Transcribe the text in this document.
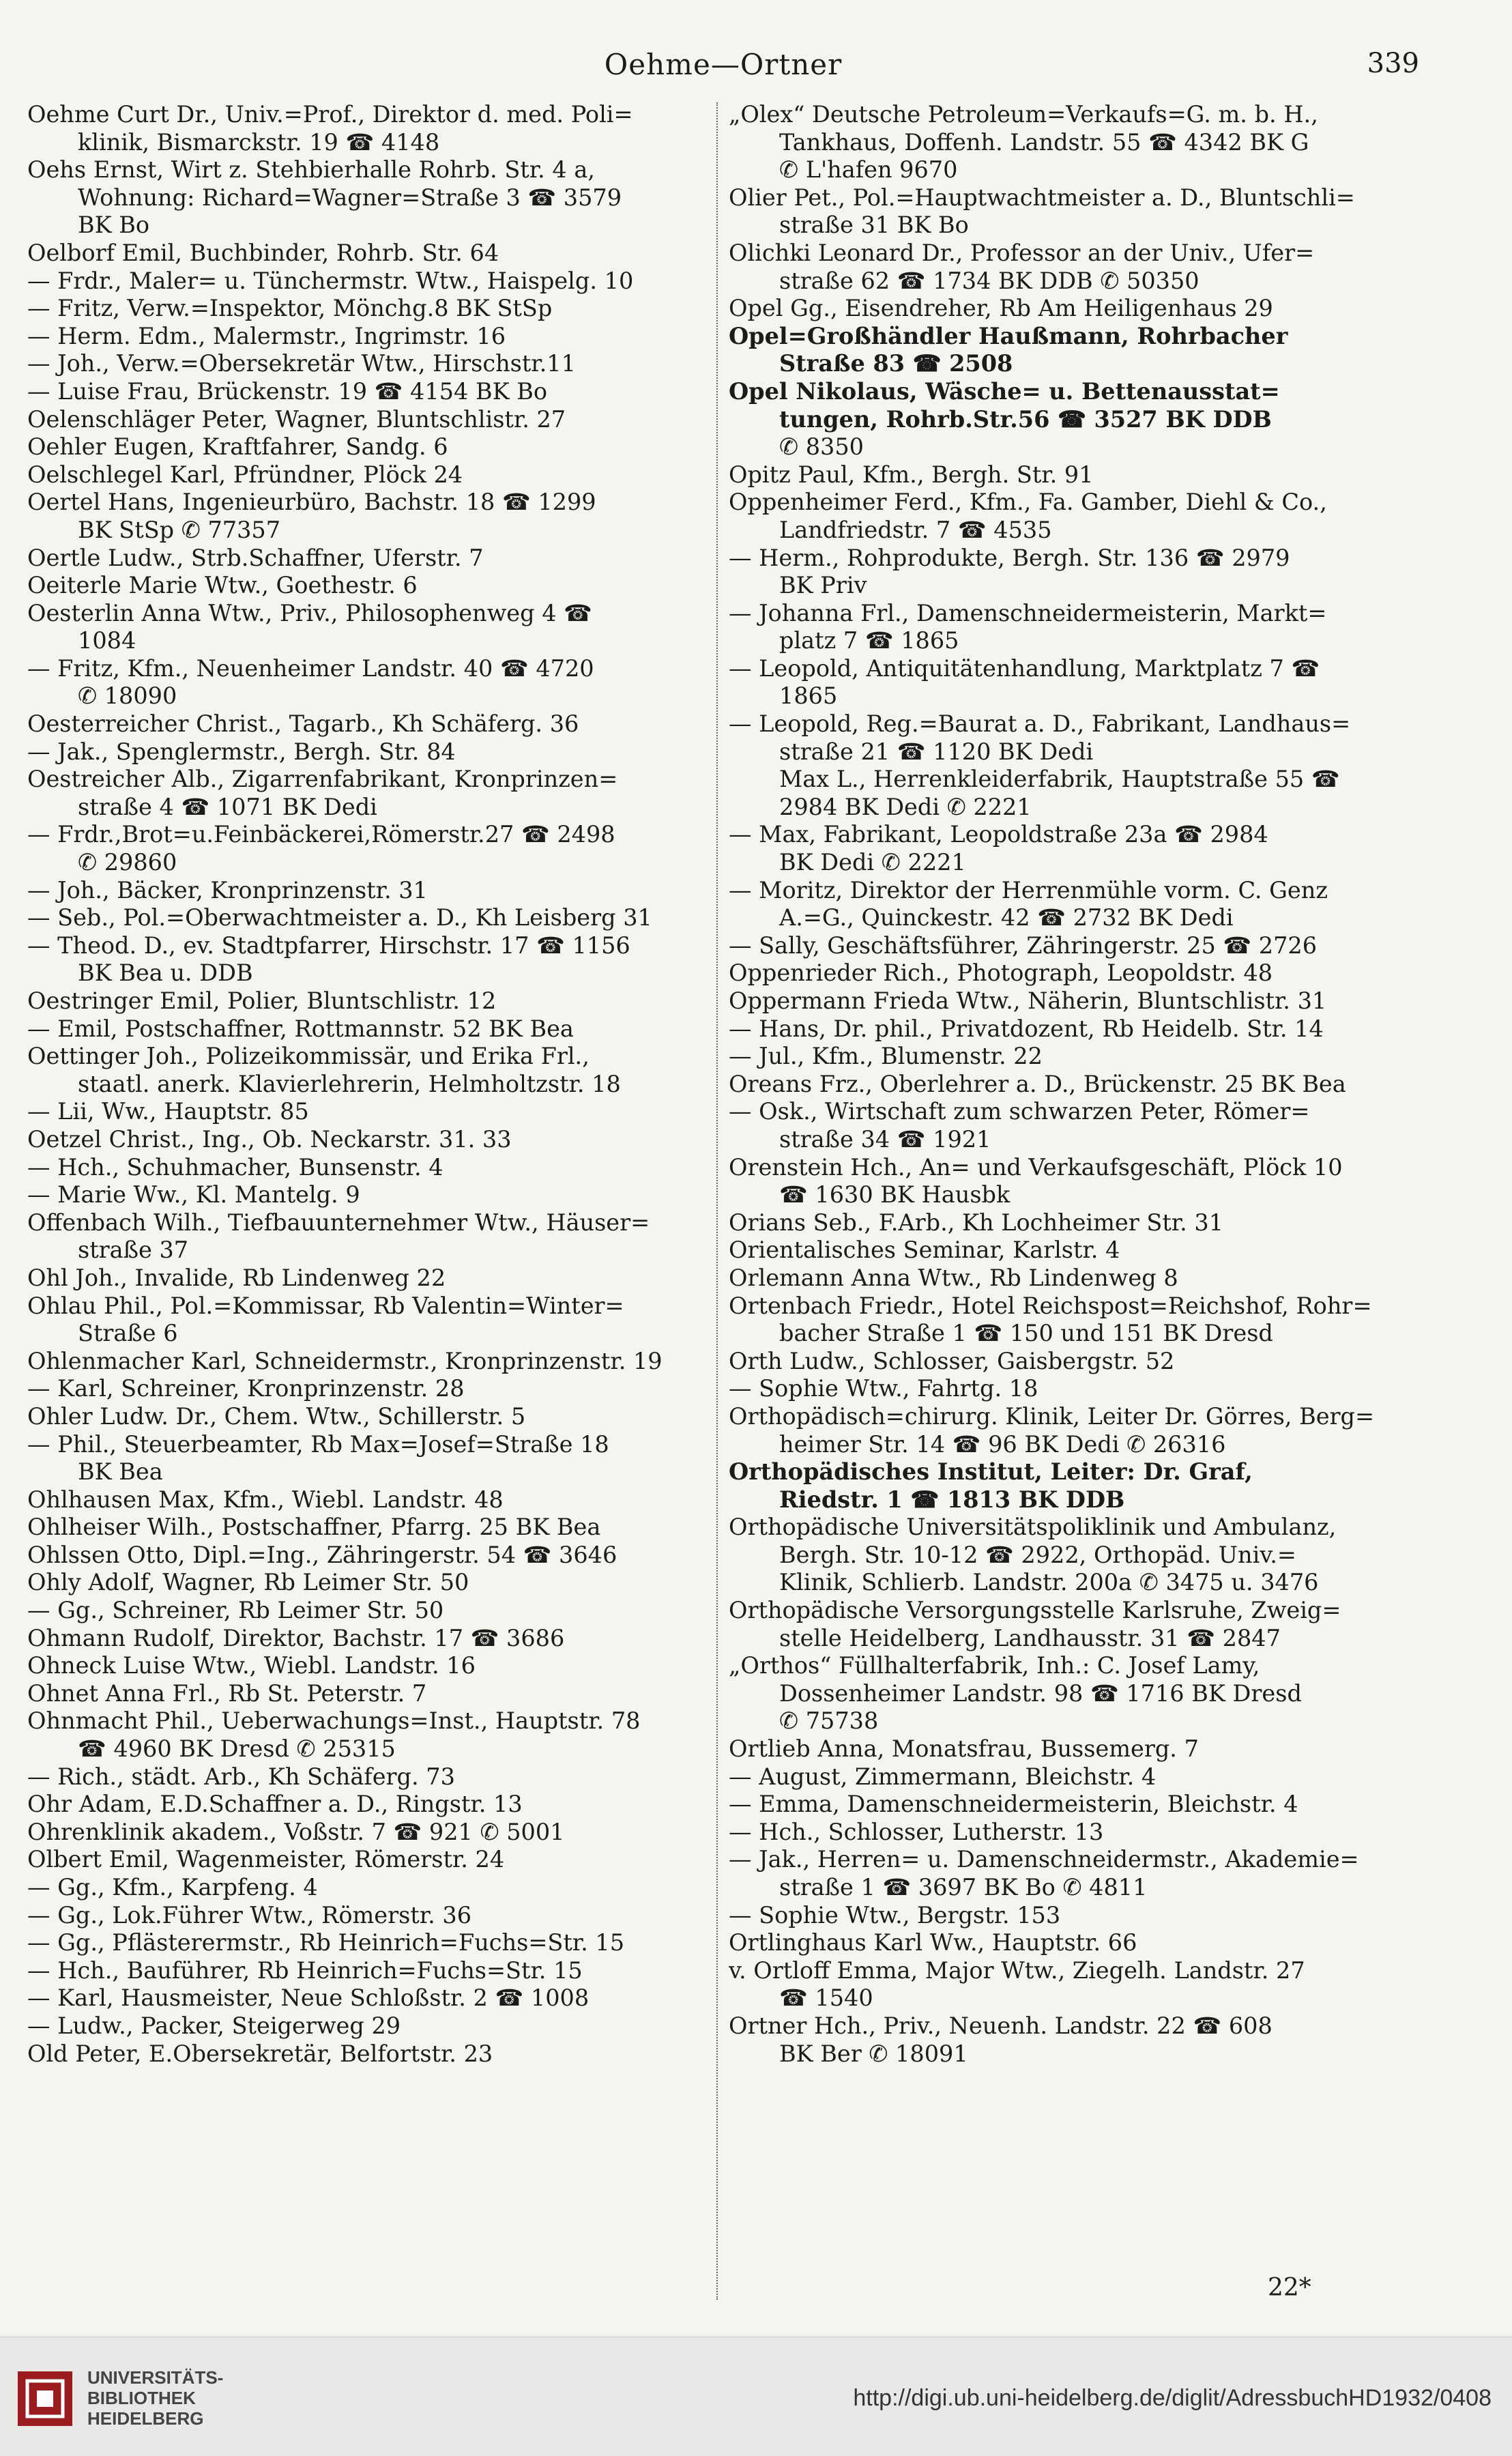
Oehme—Ortner	339
Oehme Curt Dr., Univ.=Prof., Direktor d. med. Poli=
klinik, Bismarckstr. 19 ☎ 4148
Oehs Ernst, Wirt z. Stehbierhalle Rohrb. Str. 4 a,
Wohnung: Richard=Wagner=Straße 3 ☎ 3579
BK Bo
Oelborf Emil, Buchbinder, Rohrb. Str. 64
— Frdr., Maler= u. Tünchermstr. Wtw., Haispelg. 10
— Fritz, Verw.=Inspektor, Mönchg.8 BK StSp
— Herm. Edm., Malermstr., Ingrimstr. 16
— Joh., Verw.=Obersekretär Wtw., Hirschstr.11
— Luise Frau, Brückenstr. 19 ☎ 4154 BK Bo
Oelenschläger Peter, Wagner, Bluntschlistr. 27
Oehler Eugen, Kraftfahrer, Sandg. 6
Oelschlegel Karl, Pfründner, Plöck 24
Oertel Hans, Ingenieurbüro, Bachstr. 18 ☎ 1299
BK StSp ✆ 77357
Oertle Ludw., Strb.Schaffner, Uferstr. 7
Oeiterle Marie Wtw., Goethestr. 6
Oesterlin Anna Wtw., Priv., Philosophenweg 4 ☎
1084
— Fritz, Kfm., Neuenheimer Landstr. 40 ☎ 4720
✆ 18090
Oesterreicher Christ., Tagarb., Kh Schäferg. 36
— Jak., Spenglermstr., Bergh. Str. 84
Oestreicher Alb., Zigarrenfabrikant, Kronprinzen=
straße 4 ☎ 1071 BK Dedi
— Frdr.,Brot=u.Feinbäckerei,Römerstr.27 ☎ 2498
✆ 29860
— Joh., Bäcker, Kronprinzenstr. 31
— Seb., Pol.=Oberwachtmeister a. D., Kh Leisberg 31
— Theod. D., ev. Stadtpfarrer, Hirschstr. 17 ☎ 1156
BK Bea u. DDB
Oestringer Emil, Polier, Bluntschlistr. 12
— Emil, Postschaffner, Rottmannstr. 52 BK Bea
Oettinger Joh., Polizeikommissär, und Erika Frl.,
staatl. anerk. Klavierlehrerin, Helmholtzstr. 18
— Lii, Ww., Hauptstr. 85
Oetzel Christ., Ing., Ob. Neckarstr. 31. 33
— Hch., Schuhmacher, Bunsenstr. 4
— Marie Ww., Kl. Mantelg. 9
Offenbach Wilh., Tiefbauunternehmer Wtw., Häuser=
straße 37
Ohl Joh., Invalide, Rb Lindenweg 22
Ohlau Phil., Pol.=Kommissar, Rb Valentin=Winter=
Straße 6
Ohlenmacher Karl, Schneidermstr., Kronprinzenstr. 19
— Karl, Schreiner, Kronprinzenstr. 28
Ohler Ludw. Dr., Chem. Wtw., Schillerstr. 5
— Phil., Steuerbeamter, Rb Max=Josef=Straße 18
BK Bea
Ohlhausen Max, Kfm., Wiebl. Landstr. 48
Ohlheiser Wilh., Postschaffner, Pfarrg. 25 BK Bea
Ohlssen Otto, Dipl.=Ing., Zähringerstr. 54 ☎ 3646
Ohly Adolf, Wagner, Rb Leimer Str. 50
— Gg., Schreiner, Rb Leimer Str. 50
Ohmann Rudolf, Direktor, Bachstr. 17 ☎ 3686
Ohneck Luise Wtw., Wiebl. Landstr. 16
Ohnet Anna Frl., Rb St. Peterstr. 7
Ohnmacht Phil., Ueberwachungs=Inst., Hauptstr. 78
☎ 4960 BK Dresd ✆ 25315
— Rich., städt. Arb., Kh Schäferg. 73
Ohr Adam, E.D.Schaffner a. D., Ringstr. 13
Ohrenklinik akadem., Voßstr. 7 ☎ 921 ✆ 5001
Olbert Emil, Wagenmeister, Römerstr. 24
— Gg., Kfm., Karpfeng. 4
— Gg., Lok.Führer Wtw., Römerstr. 36
— Gg., Pflästerermstr., Rb Heinrich=Fuchs=Str. 15
— Hch., Bauführer, Rb Heinrich=Fuchs=Str. 15
— Karl, Hausmeister, Neue Schloßstr. 2 ☎ 1008
— Ludw., Packer, Steigerweg 29
Old Peter, E.Obersekretär, Belfortstr. 23
„Olex“ Deutsche Petroleum=Verkaufs=G. m. b. H.,
Tankhaus, Doffenh. Landstr. 55 ☎ 4342 BK G
✆ L'hafen 9670
Olier Pet., Pol.=Hauptwachtmeister a. D., Bluntschli=
straße 31 BK Bo
Olichki Leonard Dr., Professor an der Univ., Ufer=
straße 62 ☎ 1734 BK DDB ✆ 50350
Opel Gg., Eisendreher, Rb Am Heiligenhaus 29
Opel=Großhändler Haußmann, Rohrbacher
Straße 83 ☎ 2508
Opel Nikolaus, Wäsche= u. Bettenausstat=
tungen, Rohrb.Str.56 ☎ 3527 BK DDB
✆ 8350
Opitz Paul, Kfm., Bergh. Str. 91
Oppenheimer Ferd., Kfm., Fa. Gamber, Diehl & Co.,
Landfriedstr. 7 ☎ 4535
— Herm., Rohprodukte, Bergh. Str. 136 ☎ 2979
BK Priv
— Johanna Frl., Damenschneidermeisterin, Markt=
platz 7 ☎ 1865
— Leopold, Antiquitätenhandlung, Marktplatz 7 ☎
1865
— Leopold, Reg.=Baurat a. D., Fabrikant, Landhaus=
straße 21 ☎ 1120 BK Dedi
Max L., Herrenkleiderfabrik, Hauptstraße 55 ☎
2984 BK Dedi ✆ 2221
— Max, Fabrikant, Leopoldstraße 23a ☎ 2984
BK Dedi ✆ 2221
— Moritz, Direktor der Herrenmühle vorm. C. Genz
A.=G., Quinckestr. 42 ☎ 2732 BK Dedi
— Sally, Geschäftsführer, Zähringerstr. 25 ☎ 2726
Oppenrieder Rich., Photograph, Leopoldstr. 48
Oppermann Frieda Wtw., Näherin, Bluntschlistr. 31
— Hans, Dr. phil., Privatdozent, Rb Heidelb. Str. 14
— Jul., Kfm., Blumenstr. 22
Oreans Frz., Oberlehrer a. D., Brückenstr. 25 BK Bea
— Osk., Wirtschaft zum schwarzen Peter, Römer=
straße 34 ☎ 1921
Orenstein Hch., An= und Verkaufsgeschäft, Plöck 10
☎ 1630 BK Hausbk
Orians Seb., F.Arb., Kh Lochheimer Str. 31
Orientalisches Seminar, Karlstr. 4
Orlemann Anna Wtw., Rb Lindenweg 8
Ortenbach Friedr., Hotel Reichspost=Reichshof, Rohr=
bacher Straße 1 ☎ 150 und 151 BK Dresd
Orth Ludw., Schlosser, Gaisbergstr. 52
— Sophie Wtw., Fahrtg. 18
Orthopädisch=chirurg. Klinik, Leiter Dr. Görres, Berg=
heimer Str. 14 ☎ 96 BK Dedi ✆ 26316
Orthopädisches Institut, Leiter: Dr. Graf,
Riedstr. 1 ☎ 1813 BK DDB
Orthopädische Universitätspoliklinik und Ambulanz,
Bergh. Str. 10-12 ☎ 2922, Orthopäd. Univ.=
Klinik, Schlierb. Landstr. 200a ✆ 3475 u. 3476
Orthopädische Versorgungsstelle Karlsruhe, Zweig=
stelle Heidelberg, Landhausstr. 31 ☎ 2847
„Orthos“ Füllhalterfabrik, Inh.: C. Josef Lamy,
Dossenheimer Landstr. 98 ☎ 1716 BK Dresd
✆ 75738
Ortlieb Anna, Monatsfrau, Bussemerg. 7
— August, Zimmermann, Bleichstr. 4
— Emma, Damenschneidermeisterin, Bleichstr. 4
— Hch., Schlosser, Lutherstr. 13
— Jak., Herren= u. Damenschneidermstr., Akademie=
straße 1 ☎ 3697 BK Bo ✆ 4811
— Sophie Wtw., Bergstr. 153
Ortlinghaus Karl Ww., Hauptstr. 66
v. Ortloff Emma, Major Wtw., Ziegelh. Landstr. 27
☎ 1540
Ortner Hch., Priv., Neuenh. Landstr. 22 ☎ 608
BK Ber ✆ 18091
22*
UNIVERSITÄTS-
BIBLIOTHEK
HEIDELBERG
http://digi.ub.uni-heidelberg.de/diglit/AdressbuchHD1932/0408
